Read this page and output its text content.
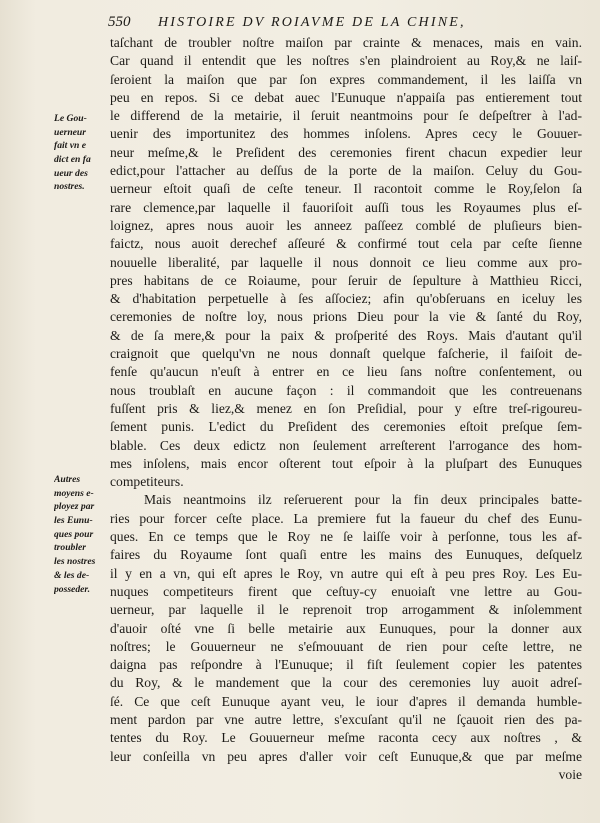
550 HISTOIRE DV ROIAVME DE LA CHINE,
Le Gou-
uerneur
fait vn e
dict en fa
ueur des
nostres.
Autres
moyens e-
ployez par
les Eunu-
ques pour
troubler
les nostres
& les de-
posseder.
taſchant de troubler noſtre maiſon par crainte & menaces, mais en vain.
Car quand il entendit que les noſtres s'en plaindroient au Roy,& ne laiſ-
ſeroient la maiſon que par ſon expres commandement, il les laiſſa vn
peu en repos. Si ce debat auec l'Eunuque n'appaiſa pas entierement tout
le differend de la metairie, il ſeruit neantmoins pour ſe deſpeſtrer à l'ad-
uenir des importunitez des hommes inſolens. Apres cecy le Gouuer-
neur meſme,& le Preſident des ceremonies firent chacun expedier leur
edict,pour l'attacher au deſſus de la porte de la maiſon. Celuy du Gou-
uerneur eſtoit quaſi de ceſte teneur. Il racontoit comme le Roy,ſelon ſa
rare clemence,par laquelle il fauoriſoit auſſi tous les Royaumes plus eſ-
loignez, apres nous auoir les anneez paſſeez comblé de pluſieurs bien-
faictz, nous auoit derechef aſſeuré & confirmé tout cela par ceſte ſienne
nouuelle liberalité, par laquelle il nous donnoit ce lieu comme aux pro-
pres habitans de ce Roiaume, pour ſeruir de ſepulture à Matthieu Ricci,
& d'habitation perpetuelle à ſes aſſociez; afin qu'obſeruans en iceluy les
ceremonies de noſtre loy, nous prions Dieu pour la vie & ſanté du Roy,
& de ſa mere,& pour la paix & proſperité des Roys. Mais d'autant qu'il
craignoit que quelqu'vn ne nous donnaſt quelque faſcherie, il faiſoit de-
fenſe qu'aucun n'euſt à entrer en ce lieu ſans noſtre conſentement, ou
nous troublaſt en aucune façon : il commandoit que les contreuenans
fuſſent pris & liez,& menez en ſon Preſidial, pour y eſtre treſ-rigoureu-
ſement punis. L'edict du Preſident des ceremonies eſtoit preſque ſem-
blable. Ces deux edictz non ſeulement arreſterent l'arrogance des hom-
mes inſolens, mais encor oſterent tout eſpoir à la pluſpart des Eunuques
competiteurs.
Mais neantmoins ilz reſeruerent pour la fin deux principales batte-
ries pour forcer ceſte place. La premiere fut la faueur du chef des Eunu-
ques. En ce temps que le Roy ne ſe laiſſe voir à perſonne, tous les af-
faires du Royaume ſont quaſi entre les mains des Eunuques, deſquelz
il y en a vn, qui eſt apres le Roy, vn autre qui eſt à peu pres Roy. Les Eu-
nuques competiteurs firent que ceſtuy-cy enuoiaſt vne lettre au Gou-
uerneur, par laquelle il le reprenoit trop arrogamment & inſolemment
d'auoir oſté vne ſi belle metairie aux Eunuques, pour la donner aux
noſtres; le Gouuerneur ne s'eſmouuant de rien pour ceſte lettre, ne
daigna pas reſpondre à l'Eunuque; il fiſt ſeulement copier les patentes
du Roy, & le mandement que la cour des ceremonies luy auoit adreſ-
ſé. Ce que ceſt Eunuque ayant veu, le iour d'apres il demanda humble-
ment pardon par vne autre lettre, s'excuſant qu'il ne ſçauoit rien des pa-
tentes du Roy. Le Gouuerneur meſme raconta cecy aux noſtres , &
leur conſeilla vn peu apres d'aller voir ceſt Eunuque,& que par meſme
voie
